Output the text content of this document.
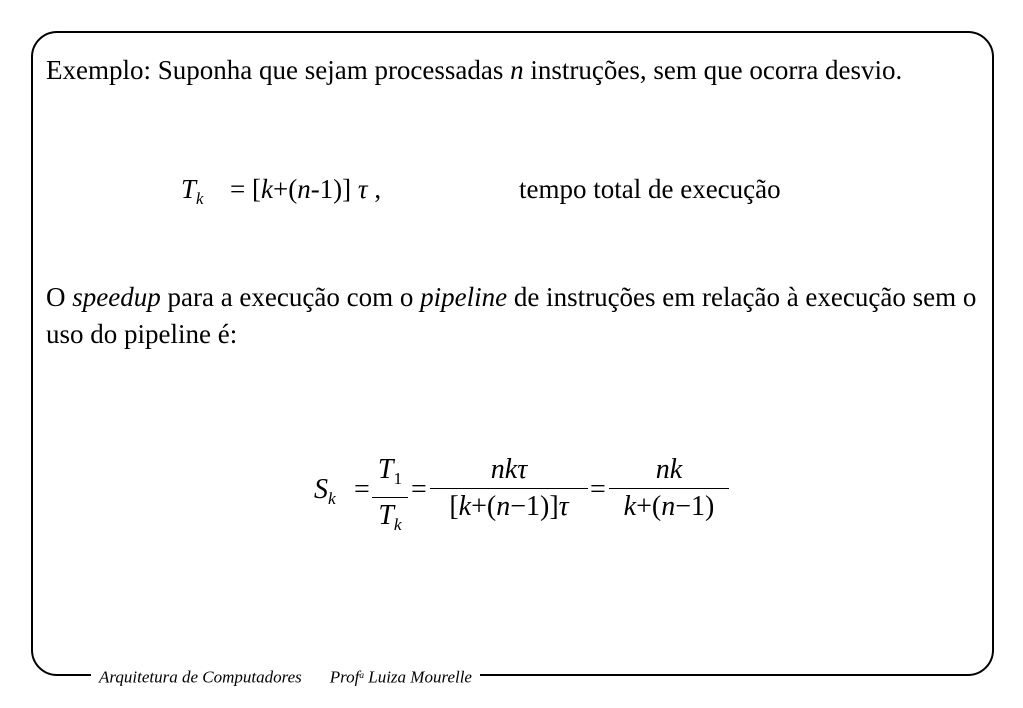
Exemplo: Suponha que sejam processadas n instruções, sem que ocorra desvio.

$T_k = [k+(n-1)]$ τ ,	tempo total de execução

O speedup para a execução com o pipeline de instruções em relação à execução sem o uso do pipeline é:

$S_k = \frac{T_1}{T_k}$ =
nkτ
[k+(n−1)]τ
= $\frac{nk}{k+(n-1)}$
Arquitetura de Computadores Prof$^a$ Luiza Mourelle
